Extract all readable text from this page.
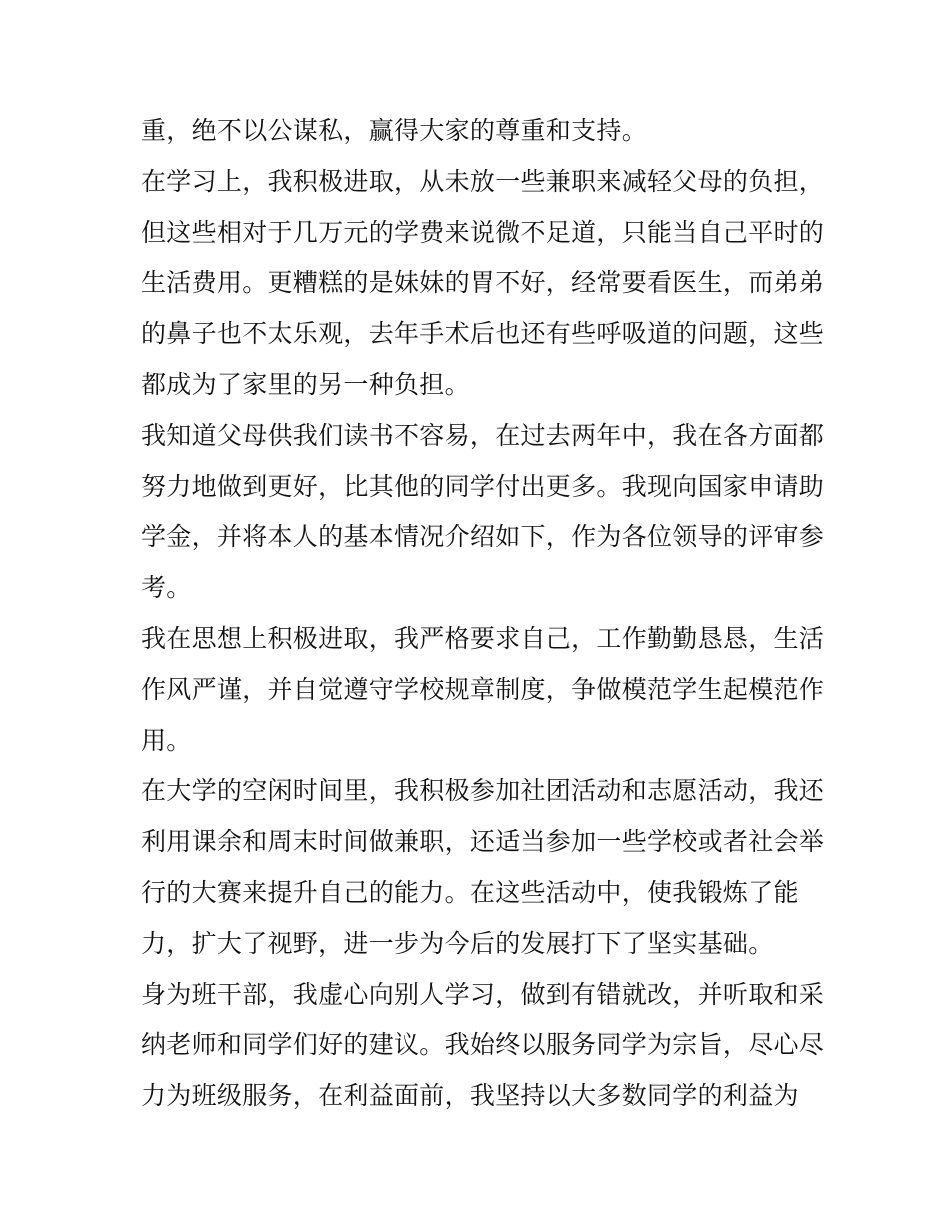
重，绝不以公谋私，赢得大家的尊重和支持。
在学习上，我积极进取，从未放一些兼职来减轻父母的负担，
但这些相对于几万元的学费来说微不足道，只能当自己平时的
生活费用。更糟糕的是妹妹的胃不好，经常要看医生，而弟弟
的鼻子也不太乐观，去年手术后也还有些呼吸道的问题，这些
都成为了家里的另一种负担。
我知道父母供我们读书不容易，在过去两年中，我在各方面都
努力地做到更好，比其他的同学付出更多。我现向国家申请助
学金，并将本人的基本情况介绍如下，作为各位领导的评审参
考。
我在思想上积极进取，我严格要求自己，工作勤勤恳恳，生活
作风严谨，并自觉遵守学校规章制度，争做模范学生起模范作
用。
在大学的空闲时间里，我积极参加社团活动和志愿活动，我还
利用课余和周末时间做兼职，还适当参加一些学校或者社会举
行的大赛来提升自己的能力。在这些活动中，使我锻炼了能
力，扩大了视野，进一步为今后的发展打下了坚实基础。
身为班干部，我虚心向别人学习，做到有错就改，并听取和采
纳老师和同学们好的建议。我始终以服务同学为宗旨，尽心尽
力为班级服务，在利益面前，我坚持以大多数同学的利益为
